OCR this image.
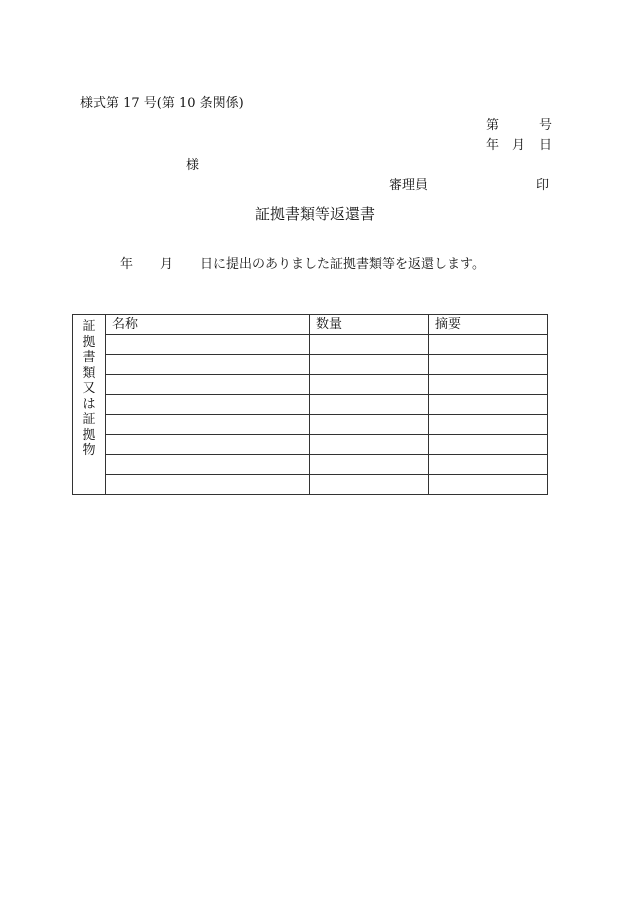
様式第 17 号(第 10 条関係)
第	号
年 月 日
様
審理員	印
証拠書類等返還書
年 月 日に提出のありました証拠書類等を返還します。
証拠書類又は証拠物	名称	数量	摘要
